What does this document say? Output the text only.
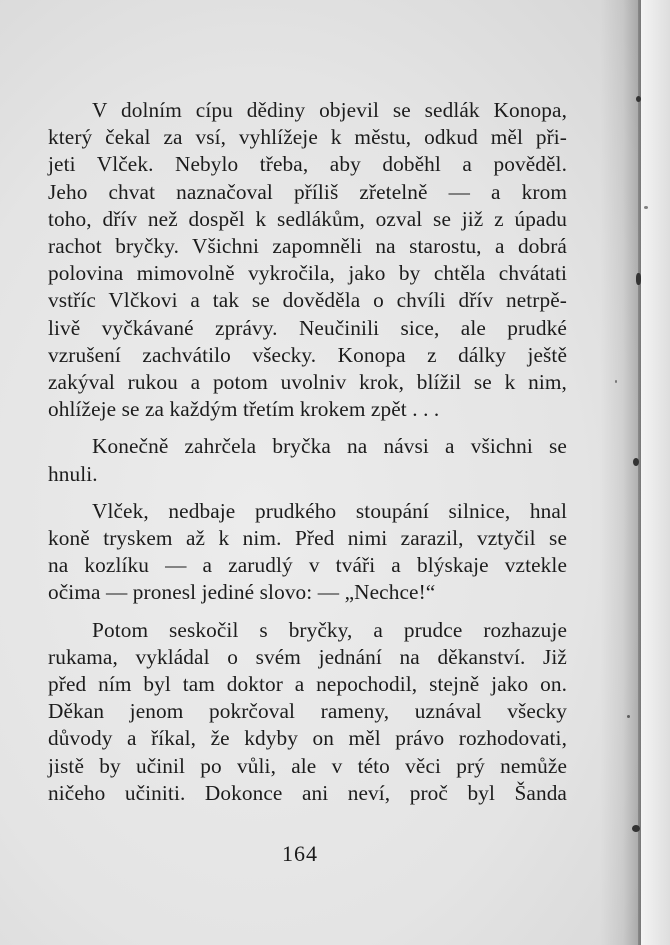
V dolním cípu dědiny objevil se sedlák Konopa,
který čekal za vsí, vyhlížeje k městu, odkud měl při-
jeti Vlček. Nebylo třeba, aby doběhl a pověděl.
Jeho chvat naznačoval příliš zřetelně — a krom
toho, dřív než dospěl k sedlákům, ozval se již z úpadu
rachot bryčky. Všichni zapomněli na starostu, a dobrá
polovina mimovolně vykročila, jako by chtěla chvátati
vstříc Vlčkovi a tak se dověděla o chvíli dřív netrpě-
livě vyčkávané zprávy. Neučinili sice, ale prudké
vzrušení zachvátilo všecky. Konopa z dálky ještě
zakýval rukou a potom uvolniv krok, blížil se k nim,
ohlížeje se za každým třetím krokem zpět . . .

Konečně zahrčela bryčka na návsi a všichni se
hnuli.

Vlček, nedbaje prudkého stoupání silnice, hnal
koně tryskem až k nim. Před nimi zarazil, vztyčil se
na kozlíku — a zarudlý v tváři a blýskaje vztekle
očima — pronesl jediné slovo: — „Nechce!“

Potom seskočil s bryčky, a prudce rozhazuje
rukama, vykládal o svém jednání na děkanství. Již
před ním byl tam doktor a nepochodil, stejně jako on.
Děkan jenom pokrčoval rameny, uznával všecky
důvody a říkal, že kdyby on měl právo rozhodovati,
jistě by učinil po vůli, ale v této věci prý nemůže
ničeho učiniti. Dokonce ani neví, proč byl Šanda

164
